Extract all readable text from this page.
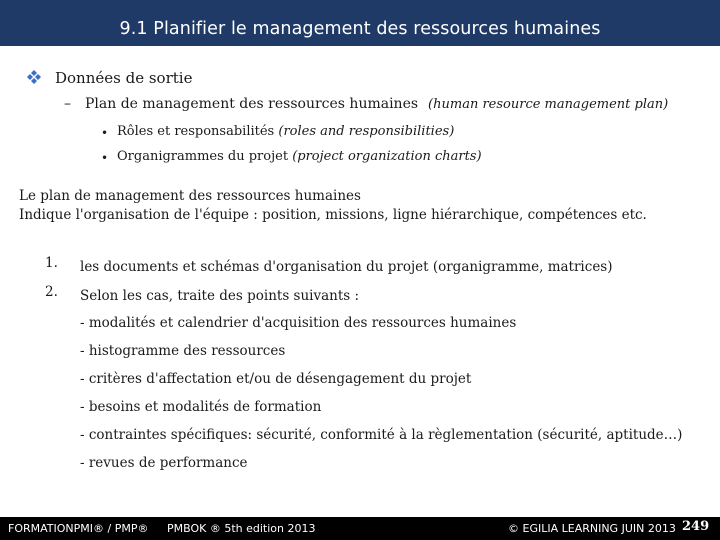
9.1 Planifier le management des ressources humaines
Données de sortie
– Plan de management des ressources humaines (human resource management plan)
• Rôles et responsabilités (roles and responsibilities)
• Organigrammes du projet (project organization charts)
Le plan de management des ressources humaines
Indique l'organisation de l'équipe : position, missions, ligne hiérarchique, compétences etc.
1. les documents et schémas d'organisation du projet (organigramme, matrices)
2. Selon les cas, traite des points suivants :
- modalités et calendrier d'acquisition des ressources humaines
- histogramme des ressources
- critères d'affectation et/ou de désengagement du projet
- besoins et modalités de formation
- contraintes spécifiques: sécurité, conformité à la règlementation (sécurité, aptitude…)
- revues de performance
FORMATIONPMI® / PMP® PMBOK ® 5th edition 2013	© EGILIA LEARNING JUIN 2013 249
